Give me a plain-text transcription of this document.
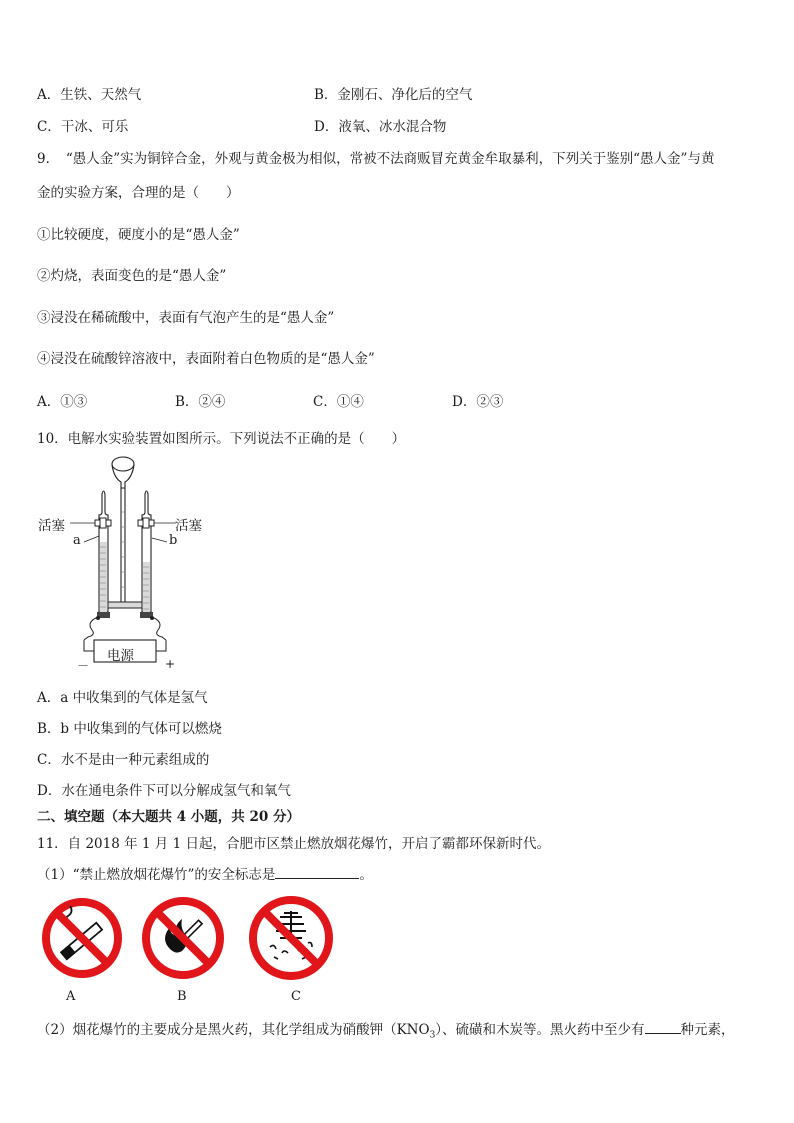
A．生铁、天然气	B．金刚石、净化后的空气
C．干冰、可乐	D．液氧、冰水混合物
9．　“愚人金”实为铜锌合金，外观与黄金极为相似，常被不法商贩冒充黄金牟取暴利，下列关于鉴别“愚人金”与黄
金的实验方案，合理的是（　　）
①比较硬度，硬度小的是“愚人金”
②灼烧，表面变色的是“愚人金”
③浸没在稀硫酸中，表面有气泡产生的是“愚人金”
④浸没在硫酸锌溶液中，表面附着白色物质的是“愚人金”
A．①③	B．②④	C．①④	D．②③
10．电解水实验装置如图所示。下列说法不正确的是（　　）
活塞	活塞
a	b
电源
－	+
A．a 中收集到的气体是氢气
B．b 中收集到的气体可以燃烧
C．水不是由一种元素组成的
D．水在通电条件下可以分解成氢气和氧气
二、填空题（本大题共 4 小题，共 20 分）
11．自 2018 年 1 月 1 日起，合肥市区禁止燃放烟花爆竹，开启了霸都环保新时代。
（1）“禁止燃放烟花爆竹”的安全标志是	。
A	B	C
（2）烟花爆竹的主要成分是黑火药，其化学组成为硝酸钾$(KNO_3)$、硫磺和木炭等。黑火药中至少有	种元素，
